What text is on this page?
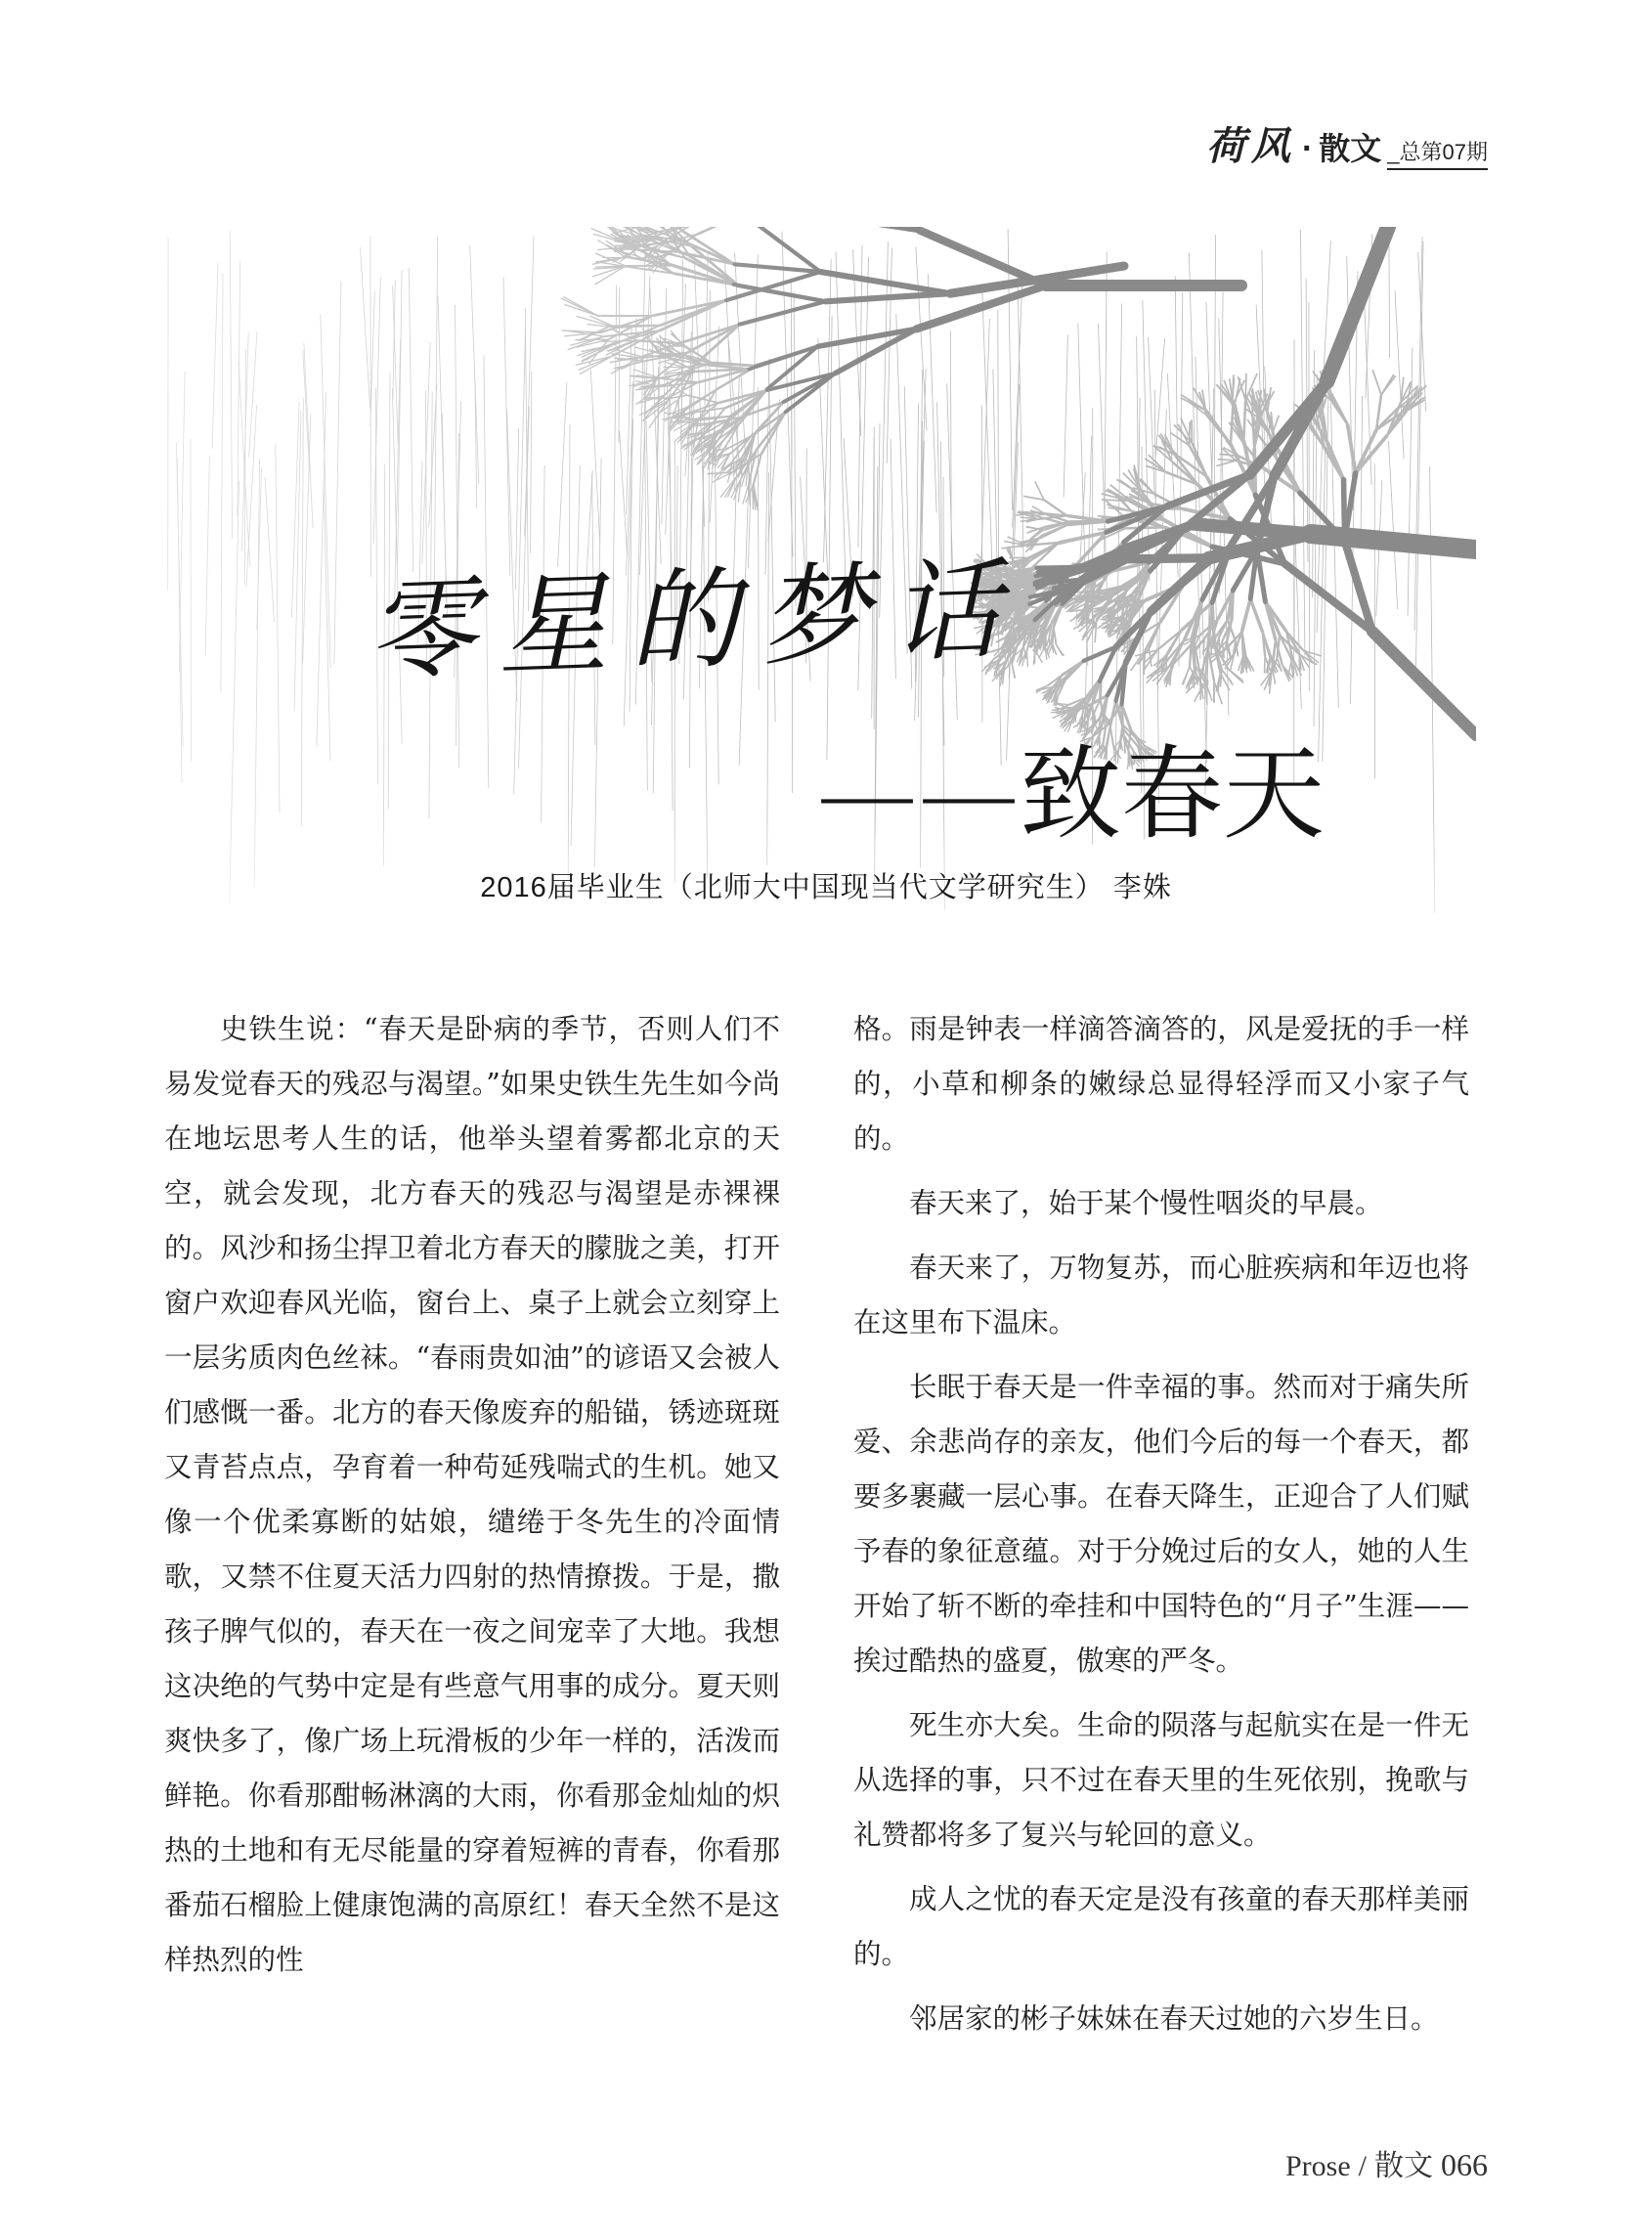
荷风 · 散文 _总第07期
零星的梦话
——致春天
2016届毕业生（北师大中国现当代文学研究生） 李姝

史铁生说：“春天是卧病的季节，否则人们不易发觉春天的残忍与渴望。”如果史铁生先生如今尚在地坛思考人生的话，他举头望着雾都北京的天空，就会发现，北方春天的残忍与渴望是赤裸裸的。风沙和扬尘捍卫着北方春天的朦胧之美，打开窗户欢迎春风光临，窗台上、桌子上就会立刻穿上一层劣质肉色丝袜。“春雨贵如油”的谚语又会被人们感慨一番。北方的春天像废弃的船锚，锈迹斑斑又青苔点点，孕育着一种苟延残喘式的生机。她又像一个优柔寡断的姑娘，缱绻于冬先生的冷面情歌，又禁不住夏天活力四射的热情撩拨。于是，撒孩子脾气似的，春天在一夜之间宠幸了大地。我想这决绝的气势中定是有些意气用事的成分。夏天则爽快多了，像广场上玩滑板的少年一样的，活泼而鲜艳。你看那酣畅淋漓的大雨，你看那金灿灿的炽热的土地和有无尽能量的穿着短裤的青春，你看那番茄石榴脸上健康饱满的高原红！春天全然不是这样热烈的性

格。雨是钟表一样滴答滴答的，风是爱抚的手一样的，小草和柳条的嫩绿总显得轻浮而又小家子气的。

春天来了，始于某个慢性咽炎的早晨。

春天来了，万物复苏，而心脏疾病和年迈也将在这里布下温床。

长眠于春天是一件幸福的事。然而对于痛失所爱、余悲尚存的亲友，他们今后的每一个春天，都要多裹藏一层心事。在春天降生，正迎合了人们赋予春的象征意蕴。对于分娩过后的女人，她的人生开始了斩不断的牵挂和中国特色的“月子”生涯——挨过酷热的盛夏，傲寒的严冬。

死生亦大矣。生命的陨落与起航实在是一件无从选择的事，只不过在春天里的生死依别，挽歌与礼赞都将多了复兴与轮回的意义。

成人之忧的春天定是没有孩童的春天那样美丽的。

邻居家的彬子妹妹在春天过她的六岁生日。

Prose / 散文 066
